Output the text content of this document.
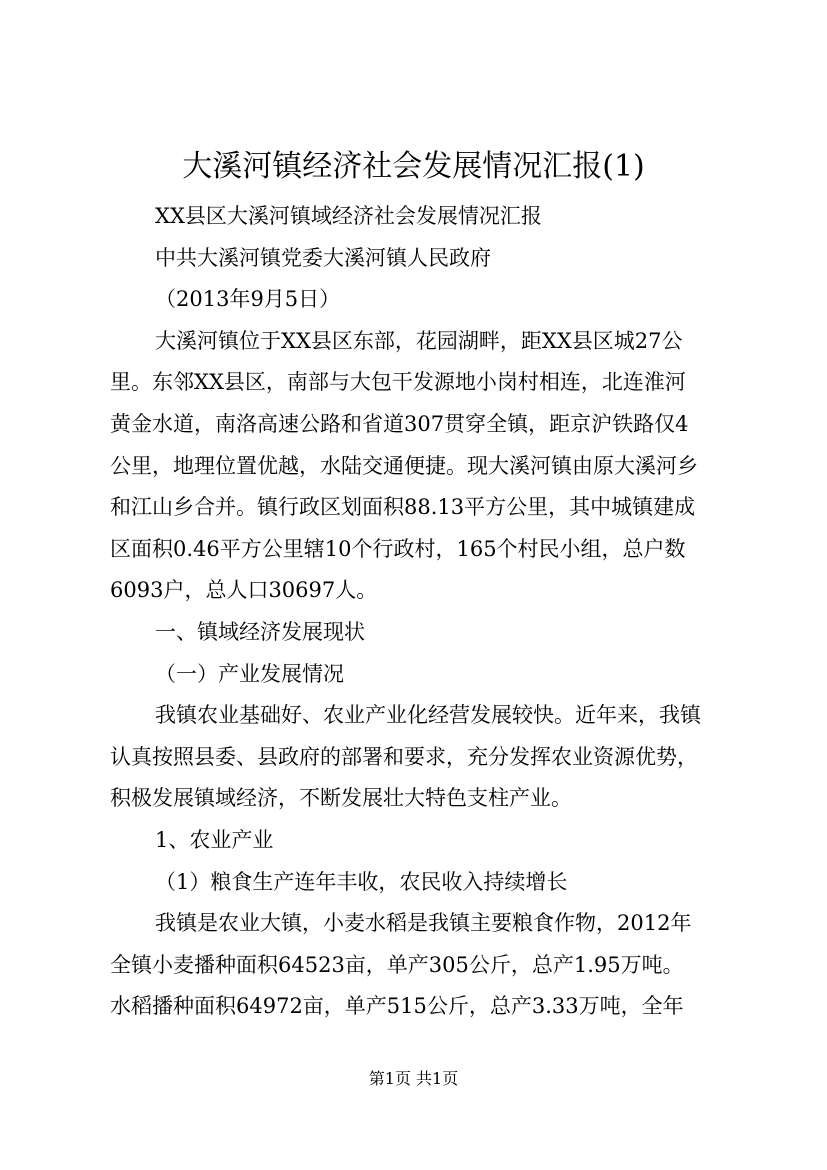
大溪河镇经济社会发展情况汇报(1)
XX县区大溪河镇域经济社会发展情况汇报
中共大溪河镇党委大溪河镇人民政府
（2013年9月5日）
大溪河镇位于XX县区东部，花园湖畔，距XX县区城27公
里。东邻XX县区，南部与大包干发源地小岗村相连，北连淮河
黄金水道，南洛高速公路和省道307贯穿全镇，距京沪铁路仅4
公里，地理位置优越，水陆交通便捷。现大溪河镇由原大溪河乡
和江山乡合并。镇行政区划面积88.13平方公里，其中城镇建成
区面积0.46平方公里辖10个行政村，165个村民小组，总户数
6093户，总人口30697人。
一、镇域经济发展现状
（一）产业发展情况
我镇农业基础好、农业产业化经营发展较快。近年来，我镇
认真按照县委、县政府的部署和要求，充分发挥农业资源优势，
积极发展镇域经济，不断发展壮大特色支柱产业。
1、农业产业
（1）粮食生产连年丰收，农民收入持续增长
我镇是农业大镇，小麦水稻是我镇主要粮食作物，2012年
全镇小麦播种面积64523亩，单产305公斤，总产1.95万吨。
水稻播种面积64972亩，单产515公斤，总产3.33万吨，全年
第1页 共1页
